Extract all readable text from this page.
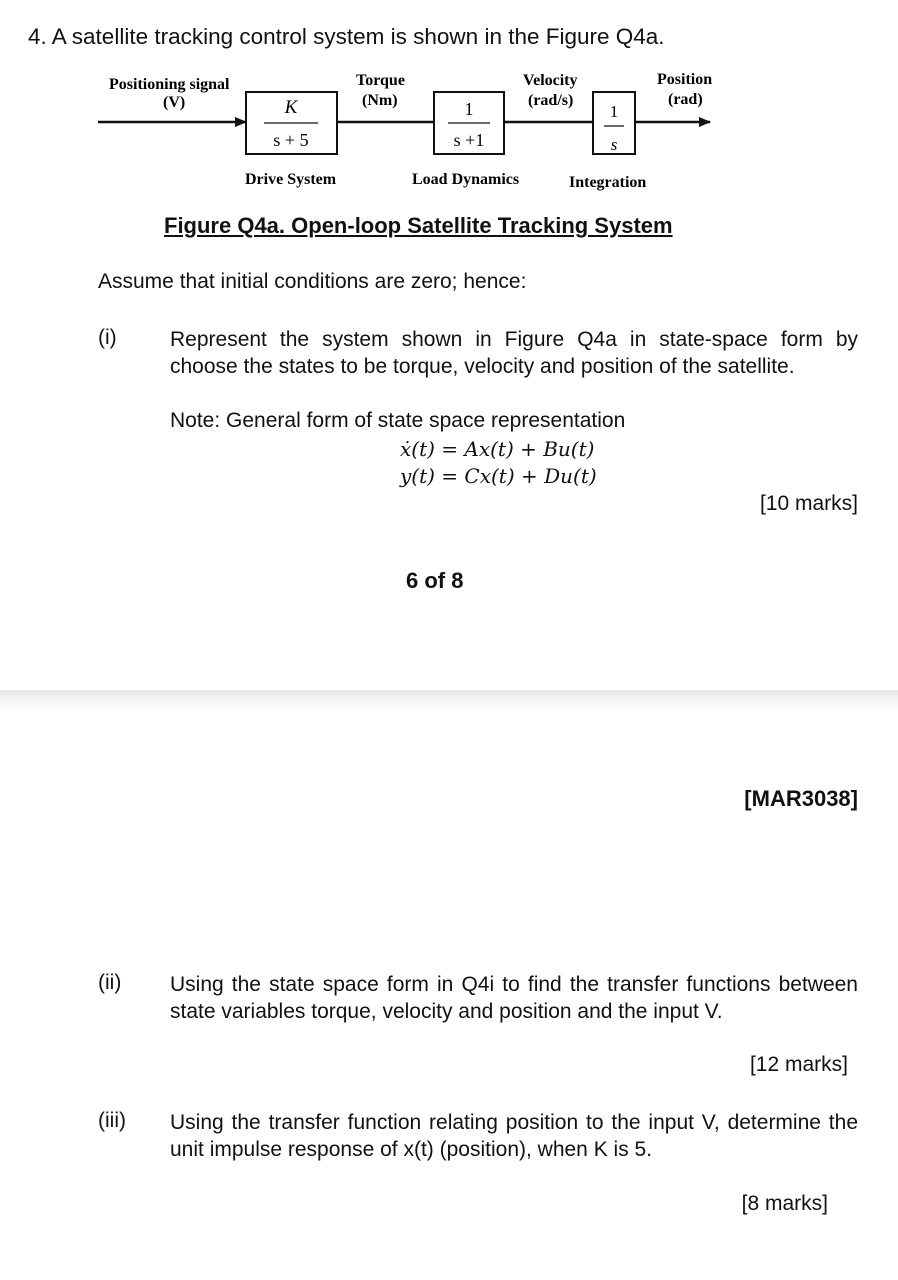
4. A satellite tracking control system is shown in the Figure Q4a.
K
s + 5
1
s +1
1
s
Positioning signal
(V)
Torque
(Nm)
Velocity
(rad/s)
Position
(rad)
Drive System	Load Dynamics	Integration
Figure Q4a. Open-loop Satellite Tracking System
Assume that initial conditions are zero; hence:
(i)	Represent the system shown in Figure Q4a in state-space form by choose the states to be torque, velocity and position of the satellite.
Note: General form of state space representation
ẋ(t) = Ax(t) + Bu(t)
y(t) = Cx(t) + Du(t)
[10 marks]
6 of 8
[MAR3038]
(ii) Using the state space form in Q4i to find the transfer functions between state variables torque, velocity and position and the input V.
[12 marks]
(iii) Using the transfer function relating position to the input V, determine the unit impulse response of x(t) (position), when K is 5.
[8 marks]
